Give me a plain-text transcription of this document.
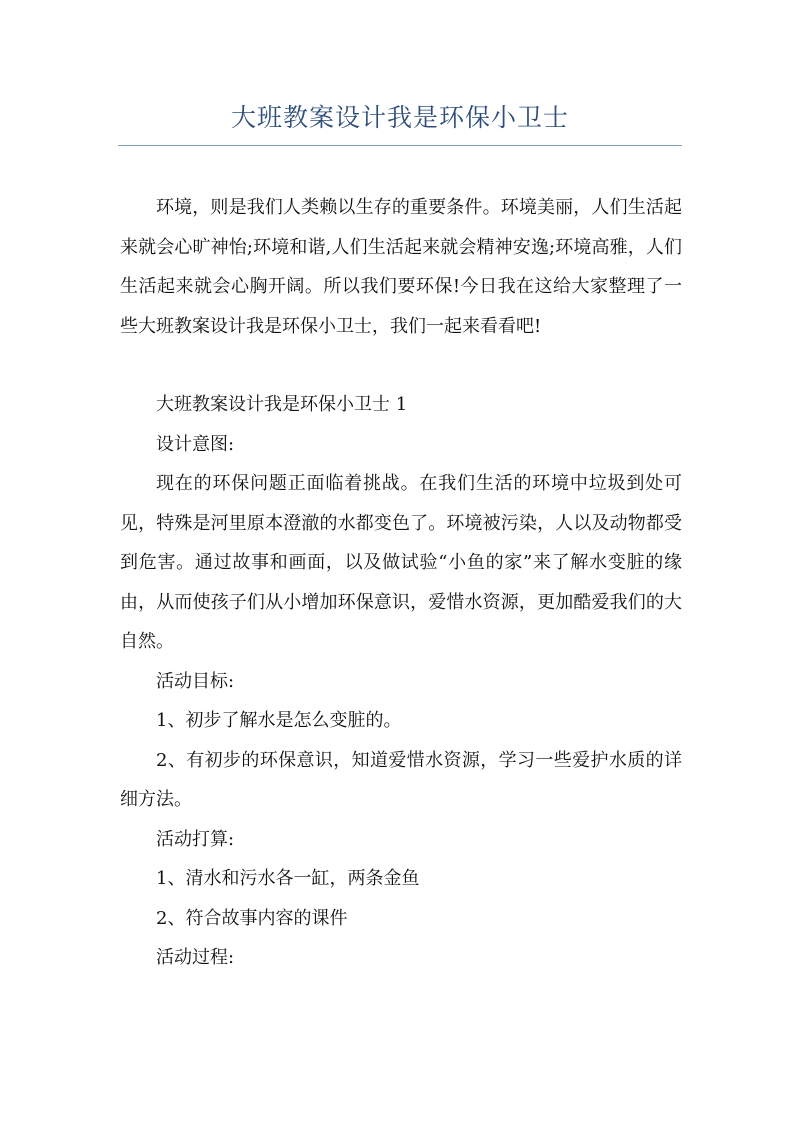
大班教案设计我是环保小卫士

环境，则是我们人类赖以生存的重要条件。环境美丽，人们生活起来就会心旷神怡;环境和谐,人们生活起来就会精神安逸;环境高雅，人们生活起来就会心胸开阔。所以我们要环保!今日我在这给大家整理了一些大班教案设计我是环保小卫士，我们一起来看看吧!

大班教案设计我是环保小卫士 1

设计意图:

现在的环保问题正面临着挑战。在我们生活的环境中垃圾到处可见，特殊是河里原本澄澈的水都变色了。环境被污染，人以及动物都受到危害。通过故事和画面，以及做试验“小鱼的家”来了解水变脏的缘由，从而使孩子们从小增加环保意识，爱惜水资源，更加酷爱我们的大自然。

活动目标:

1、初步了解水是怎么变脏的。

2、有初步的环保意识，知道爱惜水资源，学习一些爱护水质的详细方法。

活动打算:

1、清水和污水各一缸，两条金鱼

2、符合故事内容的课件

活动过程:
